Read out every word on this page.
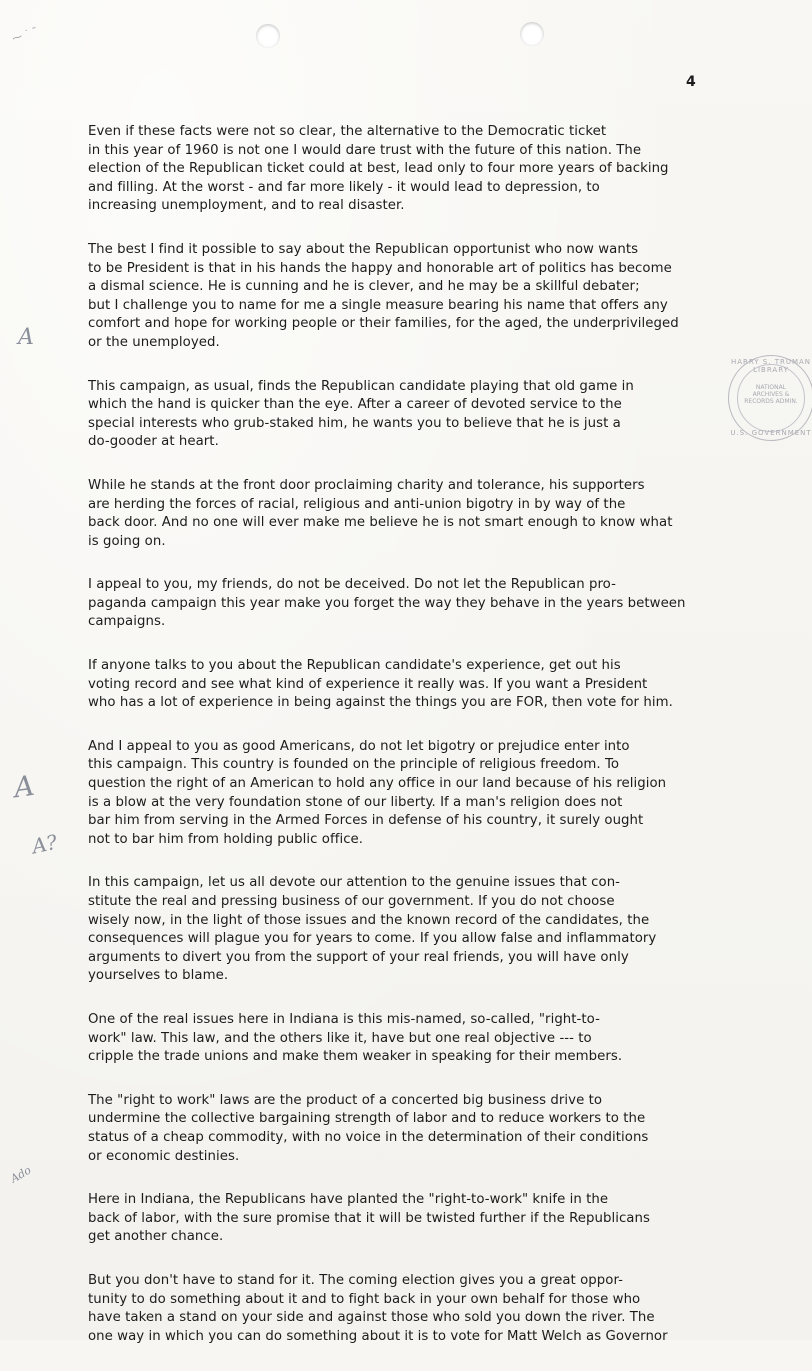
⁓ ˙ ˜
4

Even if these facts were not so clear, the alternative to the Democratic ticket
in this year of 1960 is not one I would dare trust with the future of this nation. The
election of the Republican ticket could at best, lead only to four more years of backing
and filling. At the worst - and far more likely - it would lead to depression, to
increasing unemployment, and to real disaster.

The best I find it possible to say about the Republican opportunist who now wants
to be President is that in his hands the happy and honorable art of politics has become
a dismal science. He is cunning and he is clever, and he may be a skillful debater;
but I challenge you to name for me a single measure bearing his name that offers any
comfort and hope for working people or their families, for the aged, the underprivileged
or the unemployed.

This campaign, as usual, finds the Republican candidate playing that old game in
which the hand is quicker than the eye. After a career of devoted service to the
special interests who grub-staked him, he wants you to believe that he is just a
do-gooder at heart.

While he stands at the front door proclaiming charity and tolerance, his supporters
are herding the forces of racial, religious and anti-union bigotry in by way of the
back door. And no one will ever make me believe he is not smart enough to know what
is going on.

I appeal to you, my friends, do not be deceived. Do not let the Republican pro-
paganda campaign this year make you forget the way they behave in the years between
campaigns.

If anyone talks to you about the Republican candidate's experience, get out his
voting record and see what kind of experience it really was. If you want a President
who has a lot of experience in being against the things you are FOR, then vote for him.

And I appeal to you as good Americans, do not let bigotry or prejudice enter into
this campaign. This country is founded on the principle of religious freedom. To
question the right of an American to hold any office in our land because of his religion
is a blow at the very foundation stone of our liberty. If a man's religion does not
bar him from serving in the Armed Forces in defense of his country, it surely ought
not to bar him from holding public office.

In this campaign, let us all devote our attention to the genuine issues that con-
stitute the real and pressing business of our government. If you do not choose
wisely now, in the light of those issues and the known record of the candidates, the
consequences will plague you for years to come. If you allow false and inflammatory
arguments to divert you from the support of your real friends, you will have only
yourselves to blame.

One of the real issues here in Indiana is this mis-named, so-called, "right-to-
work" law. This law, and the others like it, have but one real objective --- to
cripple the trade unions and make them weaker in speaking for their members.

The "right to work" laws are the product of a concerted big business drive to
undermine the collective bargaining strength of labor and to reduce workers to the
status of a cheap commodity, with no voice in the determination of their conditions
or economic destinies.

Here in Indiana, the Republicans have planted the "right-to-work" knife in the
back of labor, with the sure promise that it will be twisted further if the Republicans
get another chance.

But you don't have to stand for it. The coming election gives you a great oppor-
tunity to do something about it and to fight back in your own behalf for those who
have taken a stand on your side and against those who sold you down the river. The
one way in which you can do something about it is to vote for Matt Welch as Governor

A
A
A?
Ado
HARRY S. TRUMAN LIBRARY
NATIONAL ARCHIVES & RECORDS ADMIN.
U.S. GOVERNMENT
